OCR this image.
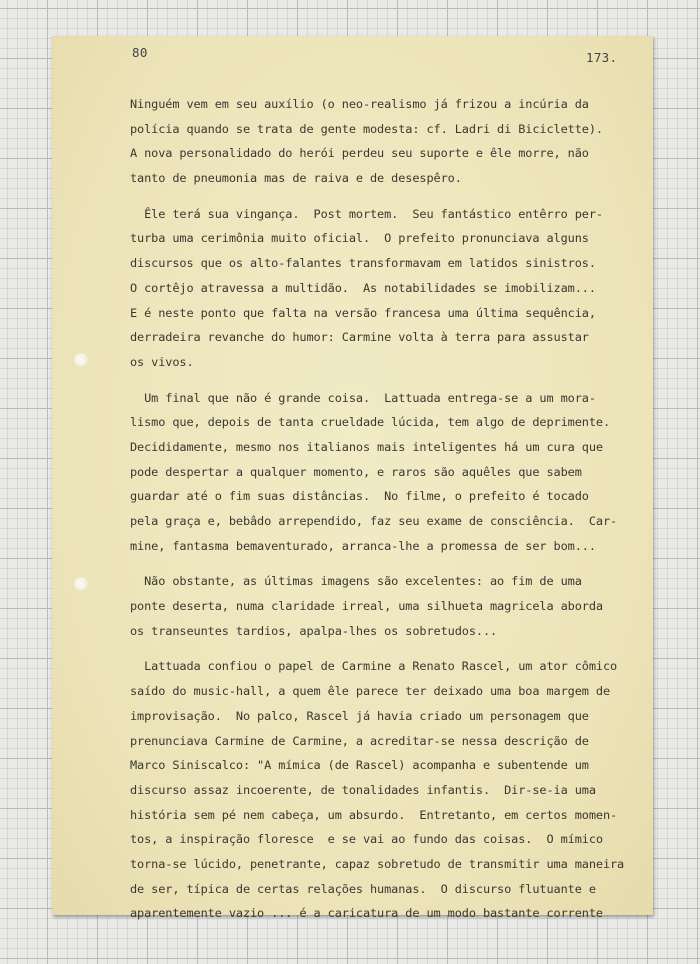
80	173.
Ninguém vem em seu auxílio (o neo-realismo já frizou a incúria da
polícia quando se trata de gente modesta: cf. Ladri di Biciclette).
A nova personalidado do herói perdeu seu suporte e êle morre, não
tanto de pneumonia mas de raiva e de desespêro.
Êle terá sua vingança.  Post mortem.  Seu fantástico entêrro per-
turba uma cerimônia muito oficial.  O prefeito pronunciava alguns
discursos que os alto-falantes transformavam em latidos sinistros.
O cortêjo atravessa a multidão.  As notabilidades se imobilizam...
E é neste ponto que falta na versão francesa uma última sequência,
derradeira revanche do humor: Carmine volta à terra para assustar
os vivos.
Um final que não é grande coisa.  Lattuada entrega-se a um mora-
lismo que, depois de tanta crueldade lúcida, tem algo de deprimente.
Decididamente, mesmo nos italianos mais inteligentes há um cura que
pode despertar a qualquer momento, e raros são aquêles que sabem
guardar até o fim suas distâncias.  No filme, o prefeito é tocado
pela graça e, bebâdo arrependido, faz seu exame de consciência.  Car-
mine, fantasma bemaventurado, arranca-lhe a promessa de ser bom...
Não obstante, as últimas imagens são excelentes: ao fim de uma
ponte deserta, numa claridade irreal, uma silhueta magricela aborda
os transeuntes tardios, apalpa-lhes os sobretudos...
Lattuada confiou o papel de Carmine a Renato Rascel, um ator cômico
saído do music-hall, a quem êle parece ter deixado uma boa margem de
improvisação.  No palco, Rascel já havia criado um personagem que
prenunciava Carmine de Carmine, a acreditar-se nessa descrição de
Marco Siniscalco: "A mímica (de Rascel) acompanha e subentende um
discurso assaz incoerente, de tonalidades infantis.  Dir-se-ia uma
história sem pé nem cabeça, um absurdo.  Entretanto, em certos momen-
tos, a inspiração floresce  e se vai ao fundo das coisas.  O mímico
torna-se lúcido, penetrante, capaz sobretudo de transmitir uma maneira
de ser, típica de certas relações humanas.  O discurso flutuante e
aparentemente vazio ... é a caricatura de um modo bastante corrente
